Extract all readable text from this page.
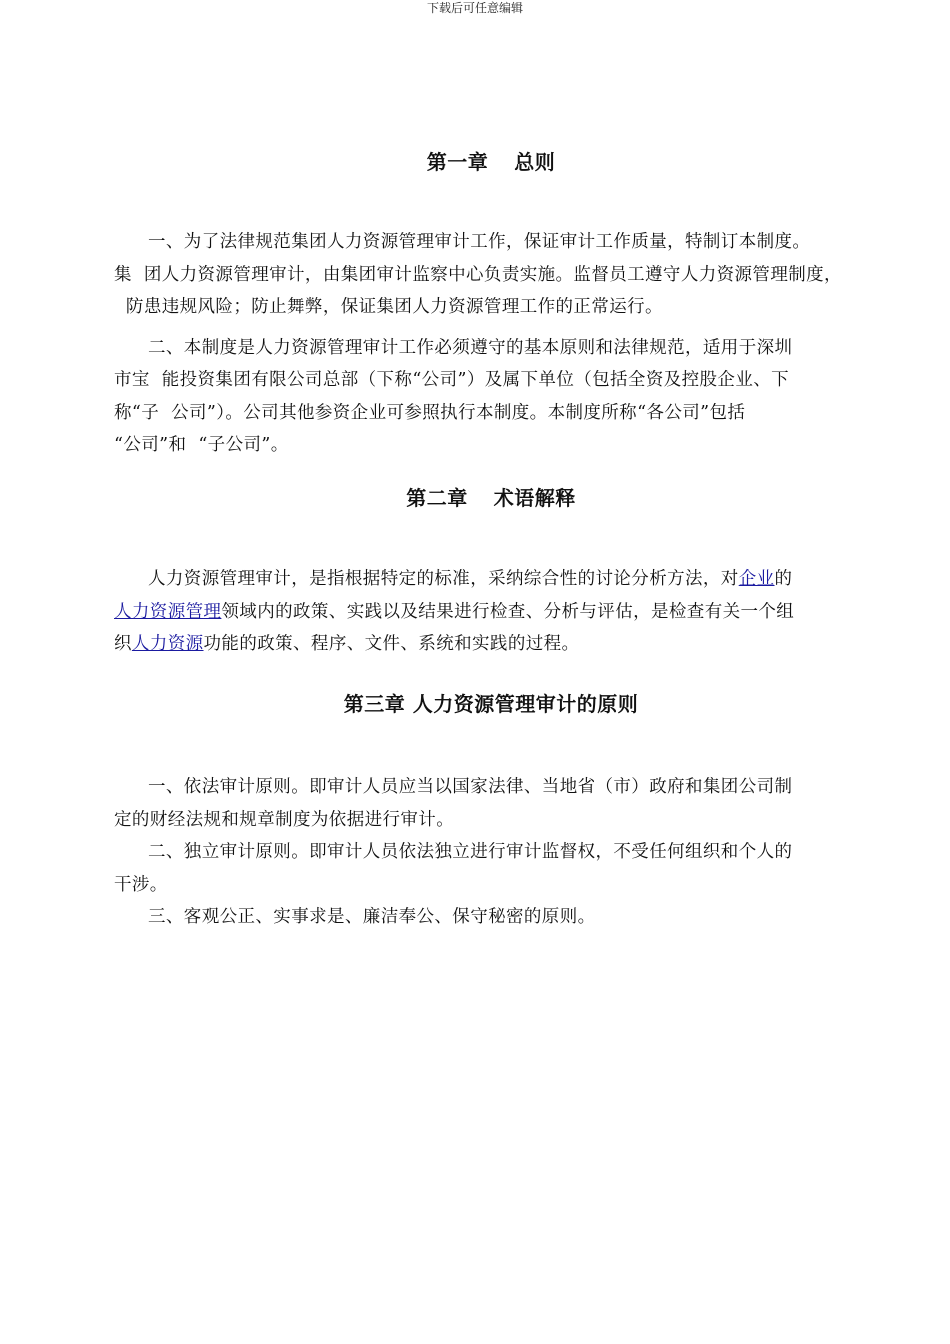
下载后可任意编辑
第一章 总则
一、为了法律规范集团人力资源管理审计工作，保证审计工作质量，特制订本制度。
集  团人力资源管理审计，由集团审计监察中心负责实施。监督员工遵守人力资源管理制度，
防患违规风险；防止舞弊，保证集团人力资源管理工作的正常运行。
二、本制度是人力资源管理审计工作必须遵守的基本原则和法律规范，适用于深圳
市宝  能投资集团有限公司总部（下称“公司”）及属下单位（包括全资及控股企业、下
称“子  公司”）。公司其他参资企业可参照执行本制度。本制度所称“各公司”包括
“公司”和  “子公司”。
第二章 术语解释
人力资源管理审计，是指根据特定的标准，采纳综合性的讨论分析方法，对企业的
人力资源管理领域内的政策、实践以及结果进行检查、分析与评估，是检查有关一个组
织人力资源功能的政策、程序、文件、系统和实践的过程。
第三章 人力资源管理审计的原则
一、依法审计原则。即审计人员应当以国家法律、当地省（市）政府和集团公司制
定的财经法规和规章制度为依据进行审计。
二、独立审计原则。即审计人员依法独立进行审计监督权，不受任何组织和个人的
干涉。
三、客观公正、实事求是、廉洁奉公、保守秘密的原则。
